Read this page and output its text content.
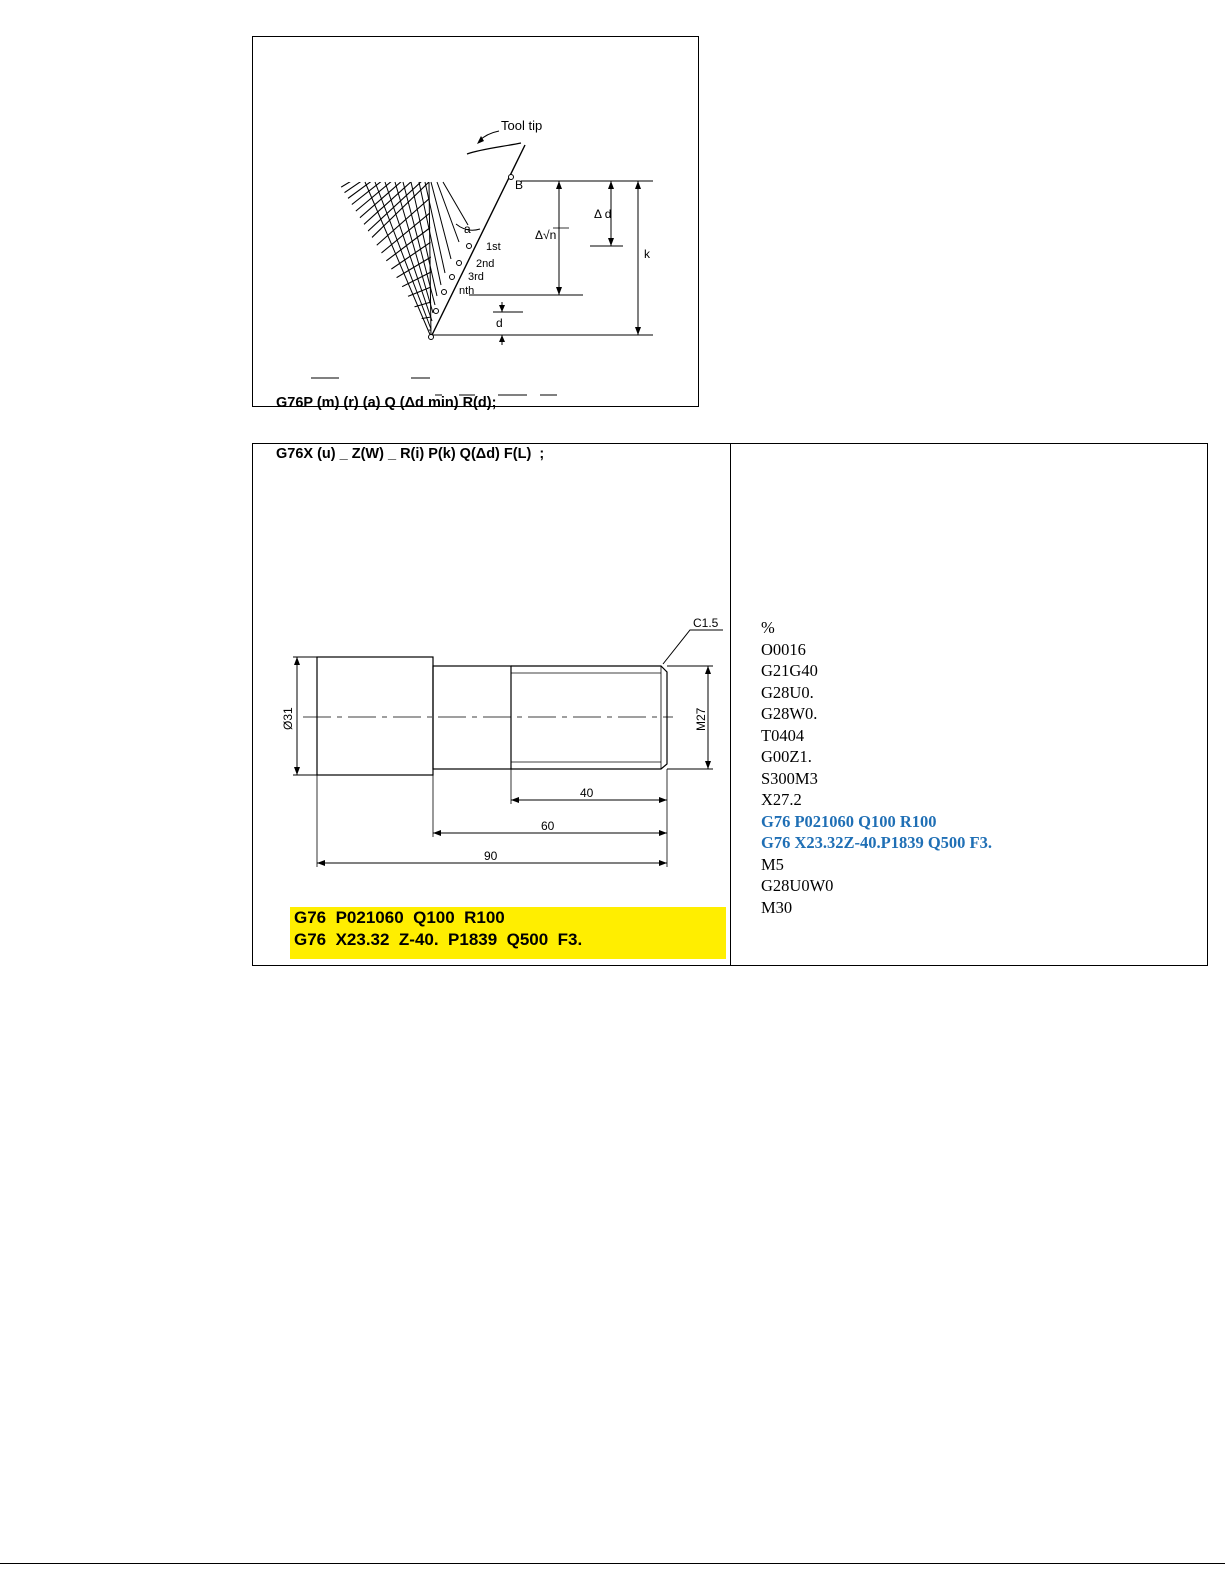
Tool tip
B
a
1st
2nd
3rd
nth
Δ d
Δ√n
k
d

G76P (m) (r) (a) Q (Δd min) R(d);

G76X (u) _ Z(W) _ R(i) P(k) Q(Δd) F(L)  ;

Ø31	M27
C1.5
40
60
90
G76  P021060  Q100  R100
G76  X23.32  Z-40.  P1839  Q500  F3.
%
O0016
G21G40
G28U0.
G28W0.
T0404
G00Z1.
S300M3
X27.2
G76 P021060 Q100 R100
G76 X23.32Z-40.P1839 Q500 F3.
M5
G28U0W0
M30
